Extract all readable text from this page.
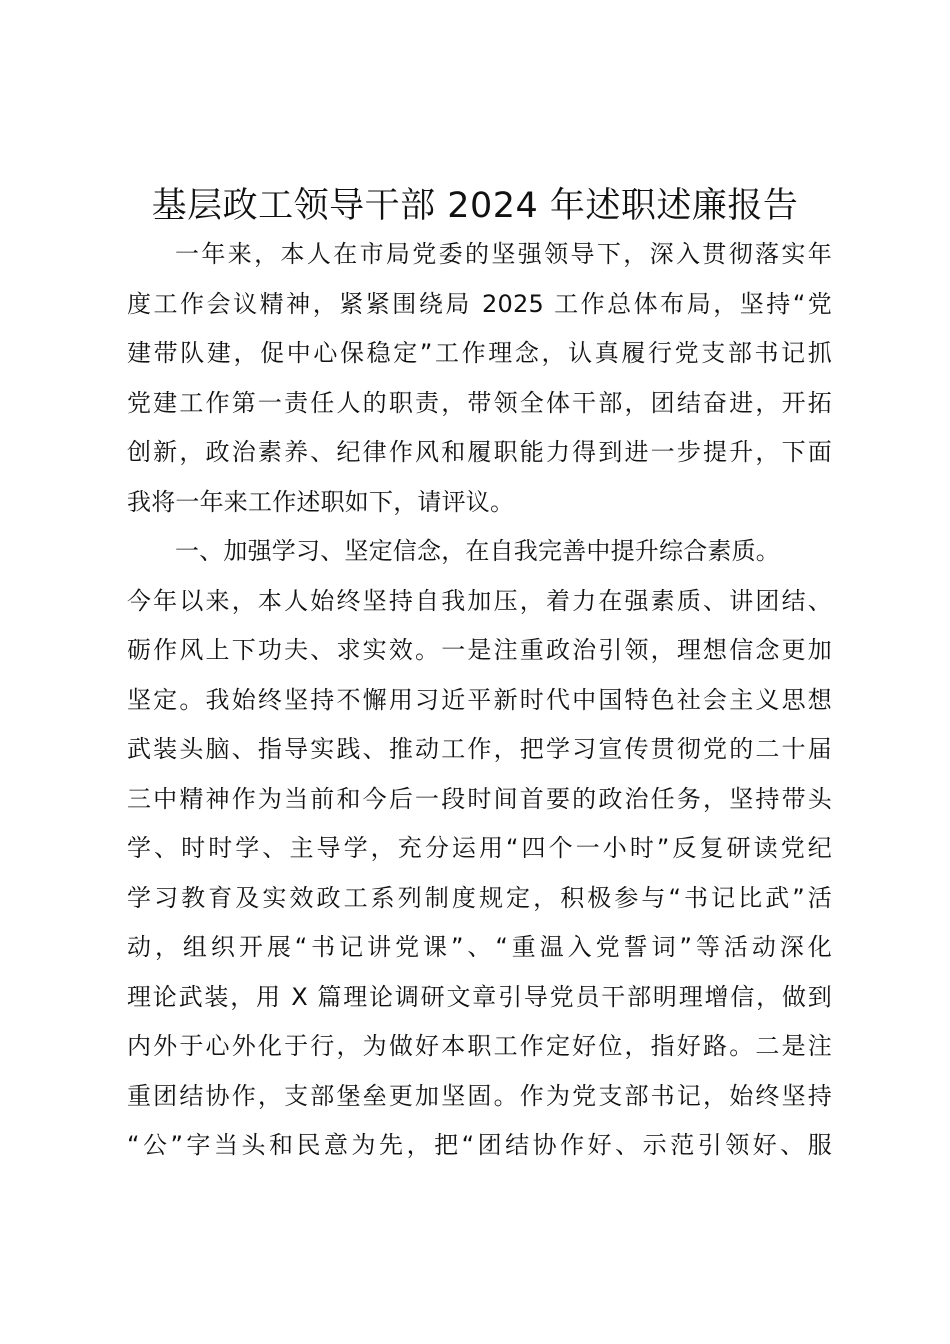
基层政工领导干部 2024 年述职述廉报告
一年来，本人在市局党委的坚强领导下，深入贯彻落实年
度工作会议精神，紧紧围绕局 2025 工作总体布局，坚持“党
建带队建，促中心保稳定”工作理念，认真履行党支部书记抓
党建工作第一责任人的职责，带领全体干部，团结奋进，开拓
创新，政治素养、纪律作风和履职能力得到进一步提升，下面
我将一年来工作述职如下，请评议。
一、加强学习、坚定信念，在自我完善中提升综合素质。
今年以来，本人始终坚持自我加压，着力在强素质、讲团结、
砺作风上下功夫、求实效。一是注重政治引领，理想信念更加
坚定。我始终坚持不懈用习近平新时代中国特色社会主义思想
武装头脑、指导实践、推动工作，把学习宣传贯彻党的二十届
三中精神作为当前和今后一段时间首要的政治任务，坚持带头
学、时时学、主导学，充分运用“四个一小时”反复研读党纪
学习教育及实效政工系列制度规定，积极参与“书记比武”活
动，组织开展“书记讲党课”、“重温入党誓词”等活动深化
理论武装，用 X 篇理论调研文章引导党员干部明理增信，做到
内外于心外化于行，为做好本职工作定好位，指好路。二是注
重团结协作，支部堡垒更加坚固。作为党支部书记，始终坚持
“公”字当头和民意为先，把“团结协作好、示范引领好、服
